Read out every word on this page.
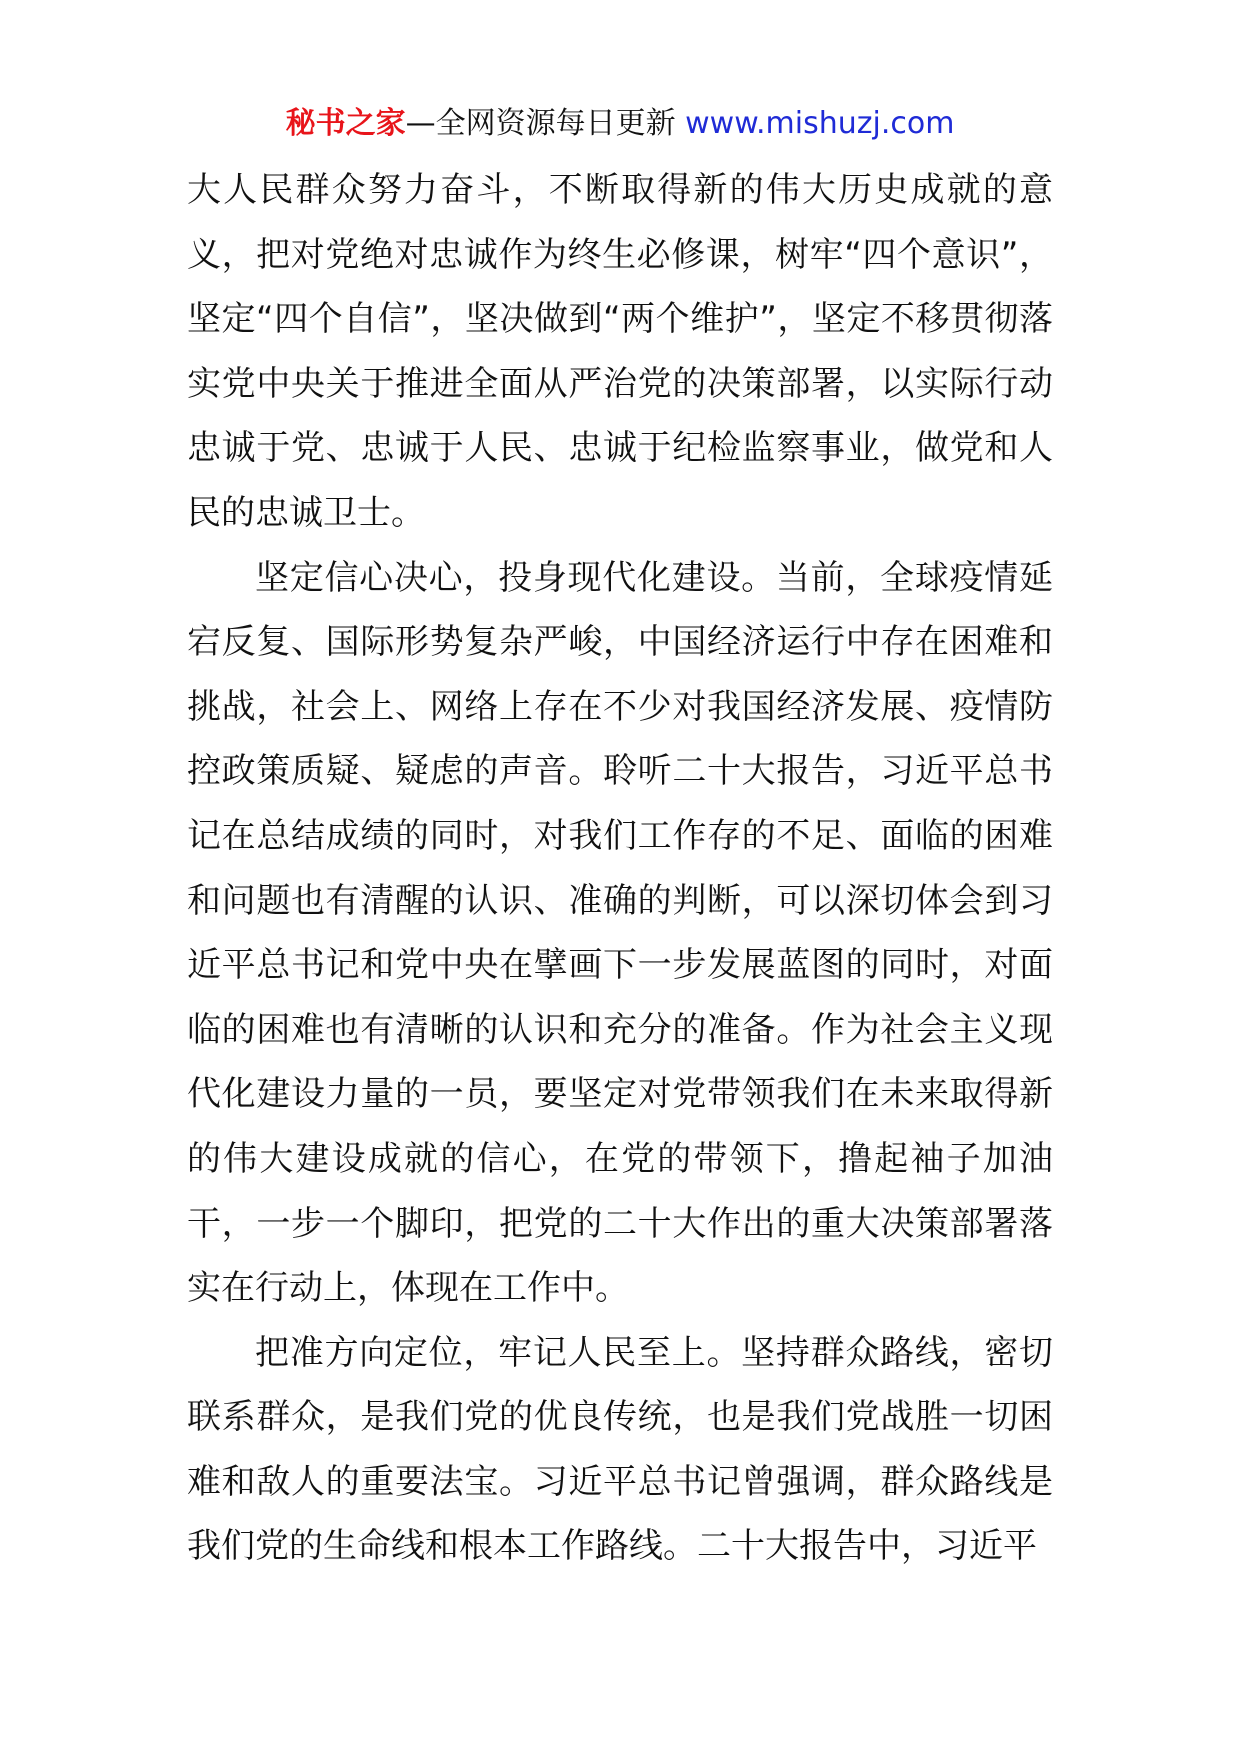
秘书之家—全网资源每日更新 www.mishuzj.com

大人民群众努力奋斗，不断取得新的伟大历史成就的意义，把对党绝对忠诚作为终生必修课，树牢“四个意识”，坚定“四个自信”，坚决做到“两个维护”，坚定不移贯彻落实党中央关于推进全面从严治党的决策部署，以实际行动忠诚于党、忠诚于人民、忠诚于纪检监察事业，做党和人民的忠诚卫士。

坚定信心决心，投身现代化建设。当前，全球疫情延宕反复、国际形势复杂严峻，中国经济运行中存在困难和挑战，社会上、网络上存在不少对我国经济发展、疫情防控政策质疑、疑虑的声音。聆听二十大报告，习近平总书记在总结成绩的同时，对我们工作存的不足、面临的困难和问题也有清醒的认识、准确的判断，可以深切体会到习近平总书记和党中央在擘画下一步发展蓝图的同时，对面临的困难也有清晰的认识和充分的准备。作为社会主义现代化建设力量的一员，要坚定对党带领我们在未来取得新的伟大建设成就的信心，在党的带领下，撸起袖子加油干，一步一个脚印，把党的二十大作出的重大决策部署落实在行动上，体现在工作中。

把准方向定位，牢记人民至上。坚持群众路线，密切联系群众，是我们党的优良传统，也是我们党战胜一切困难和敌人的重要法宝。习近平总书记曾强调，群众路线是我们党的生命线和根本工作路线。二十大报告中，习近平
